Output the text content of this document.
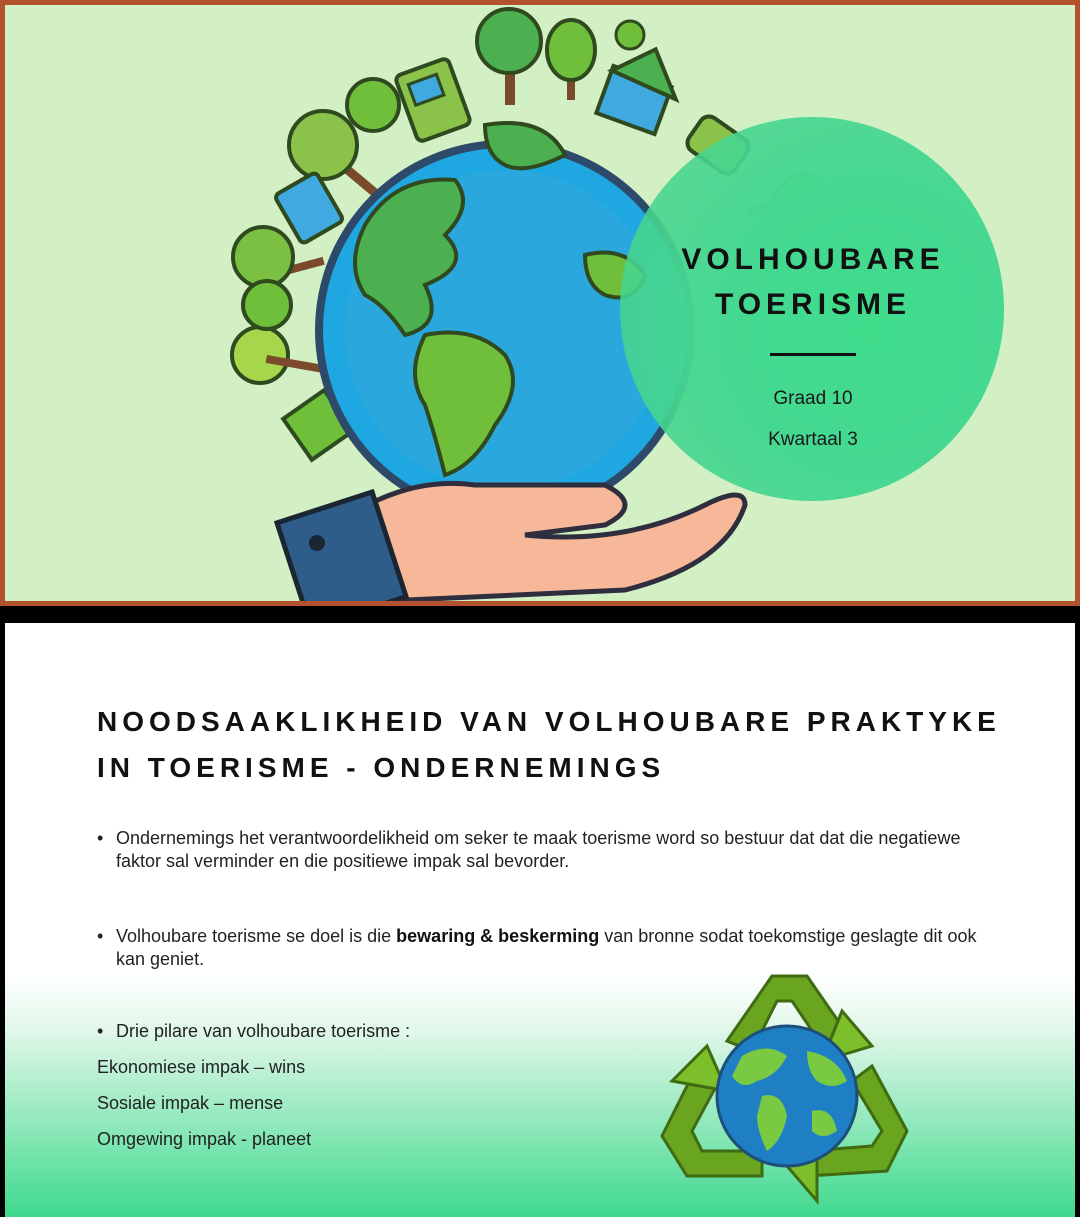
VOLHOUBARE
TOERISME
Graad 10
Kwartaal 3
NOODSAAKLIKHEID VAN VOLHOUBARE PRAKTYKE
IN TOERISME - ONDERNEMINGS
• Ondernemings het verantwoordelikheid om seker te maak toerisme word so bestuur dat dat die negatiewe faktor sal verminder en die positiewe impak sal bevorder.
• Volhoubare toerisme se doel is die bewaring & beskerming van bronne sodat toekomstige geslagte dit ook kan geniet.
• Drie pilare van volhoubare toerisme :
Ekonomiese impak – wins
Sosiale impak – mense
Omgewing impak - planeet
